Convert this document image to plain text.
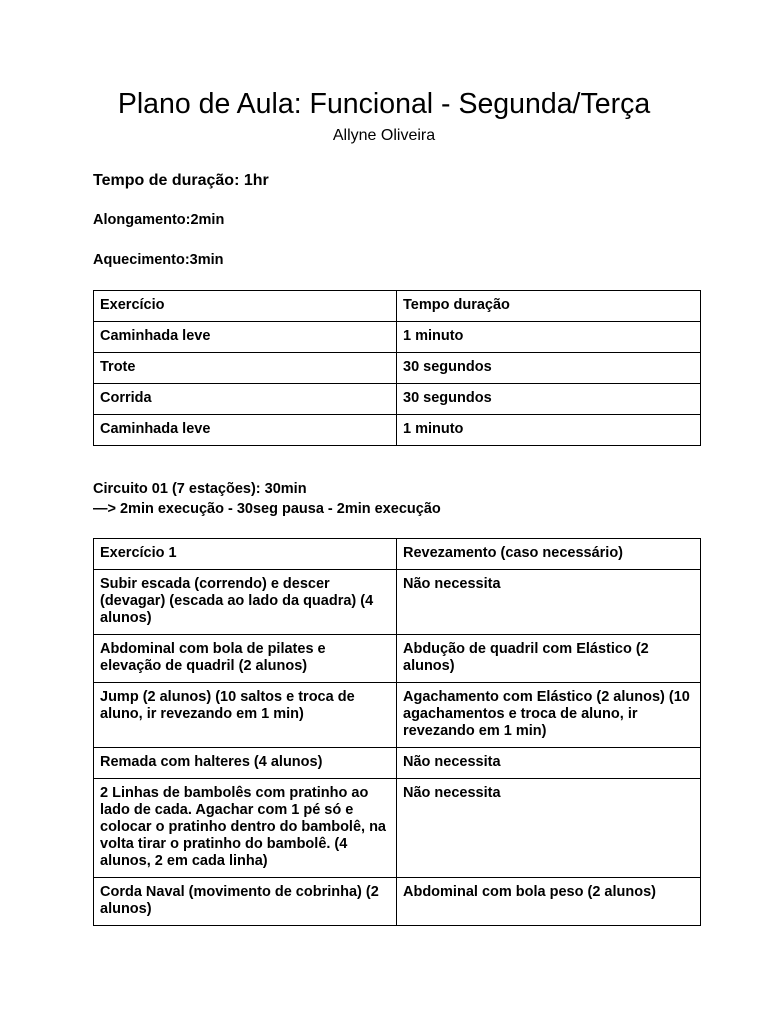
Plano de Aula: Funcional - Segunda/Terça
Allyne Oliveira
Tempo de duração: 1hr
Alongamento:2min
Aquecimento:3min
Exercício	Tempo duração
Caminhada leve	1 minuto
Trote	30 segundos
Corrida	30 segundos
Caminhada leve	1 minuto
Circuito 01 (7 estações): 30min
—> 2min execução - 30seg pausa - 2min execução
Exercício 1	Revezamento (caso necessário)
Subir escada (correndo) e descer (devagar) (escada ao lado da quadra) (4 alunos)	Não necessita
Abdominal com bola de pilates e elevação de quadril (2 alunos)	Abdução de quadril com Elástico (2 alunos)
Jump (2 alunos) (10 saltos e troca de aluno, ir revezando em 1 min)	Agachamento com Elástico (2 alunos) (10 agachamentos e troca de aluno, ir revezando em 1 min)
Remada com halteres (4 alunos)	Não necessita
2 Linhas de bambolês com pratinho ao lado de cada. Agachar com 1 pé só e colocar o pratinho dentro do bambolê, na volta tirar o pratinho do bambolê. (4 alunos, 2 em cada linha)	Não necessita
Corda Naval (movimento de cobrinha) (2 alunos)	Abdominal com bola peso (2 alunos)
